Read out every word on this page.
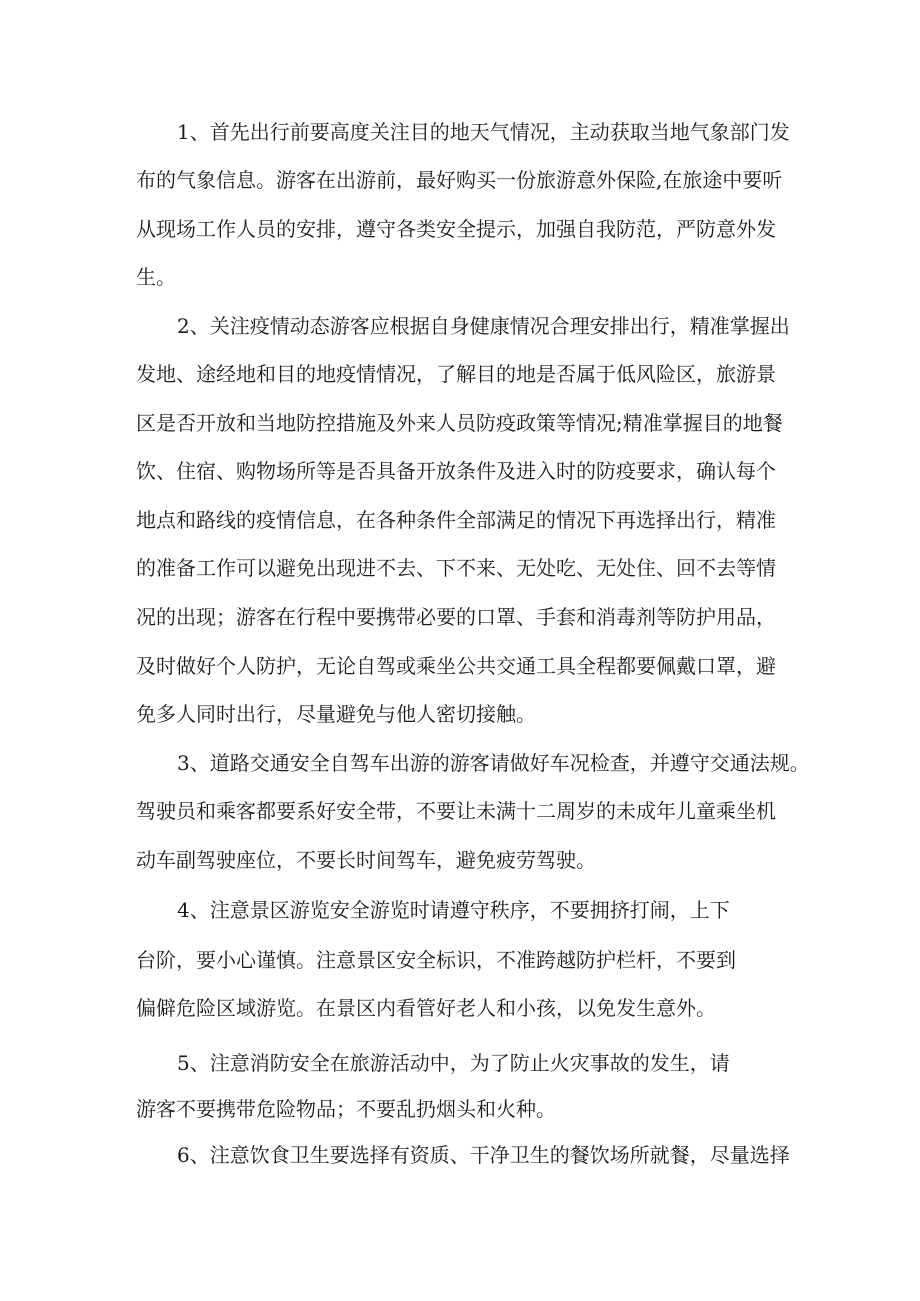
1、首先出行前要高度关注目的地天气情况，主动获取当地气象部门发
布的气象信息。游客在出游前，最好购买一份旅游意外保险,在旅途中要听
从现场工作人员的安排，遵守各类安全提示，加强自我防范，严防意外发
生。
2、关注疫情动态游客应根据自身健康情况合理安排出行，精准掌握出
发地、途经地和目的地疫情情况，了解目的地是否属于低风险区，旅游景
区是否开放和当地防控措施及外来人员防疫政策等情况;精准掌握目的地餐
饮、住宿、购物场所等是否具备开放条件及进入时的防疫要求，确认每个
地点和路线的疫情信息，在各种条件全部满足的情况下再选择出行，精准
的准备工作可以避免出现进不去、下不来、无处吃、无处住、回不去等情
况的出现；游客在行程中要携带必要的口罩、手套和消毒剂等防护用品，
及时做好个人防护，无论自驾或乘坐公共交通工具全程都要佩戴口罩，避
免多人同时出行，尽量避免与他人密切接触。
3、道路交通安全自驾车出游的游客请做好车况检查，并遵守交通法规。
驾驶员和乘客都要系好安全带，不要让未满十二周岁的未成年儿童乘坐机
动车副驾驶座位，不要长时间驾车，避免疲劳驾驶。
4、注意景区游览安全游览时请遵守秩序，不要拥挤打闹，上下
台阶，要小心谨慎。注意景区安全标识，不准跨越防护栏杆，不要到
偏僻危险区域游览。在景区内看管好老人和小孩，以免发生意外。
5、注意消防安全在旅游活动中，为了防止火灾事故的发生，请
游客不要携带危险物品；不要乱扔烟头和火种。
6、注意饮食卫生要选择有资质、干净卫生的餐饮场所就餐，尽量选择
